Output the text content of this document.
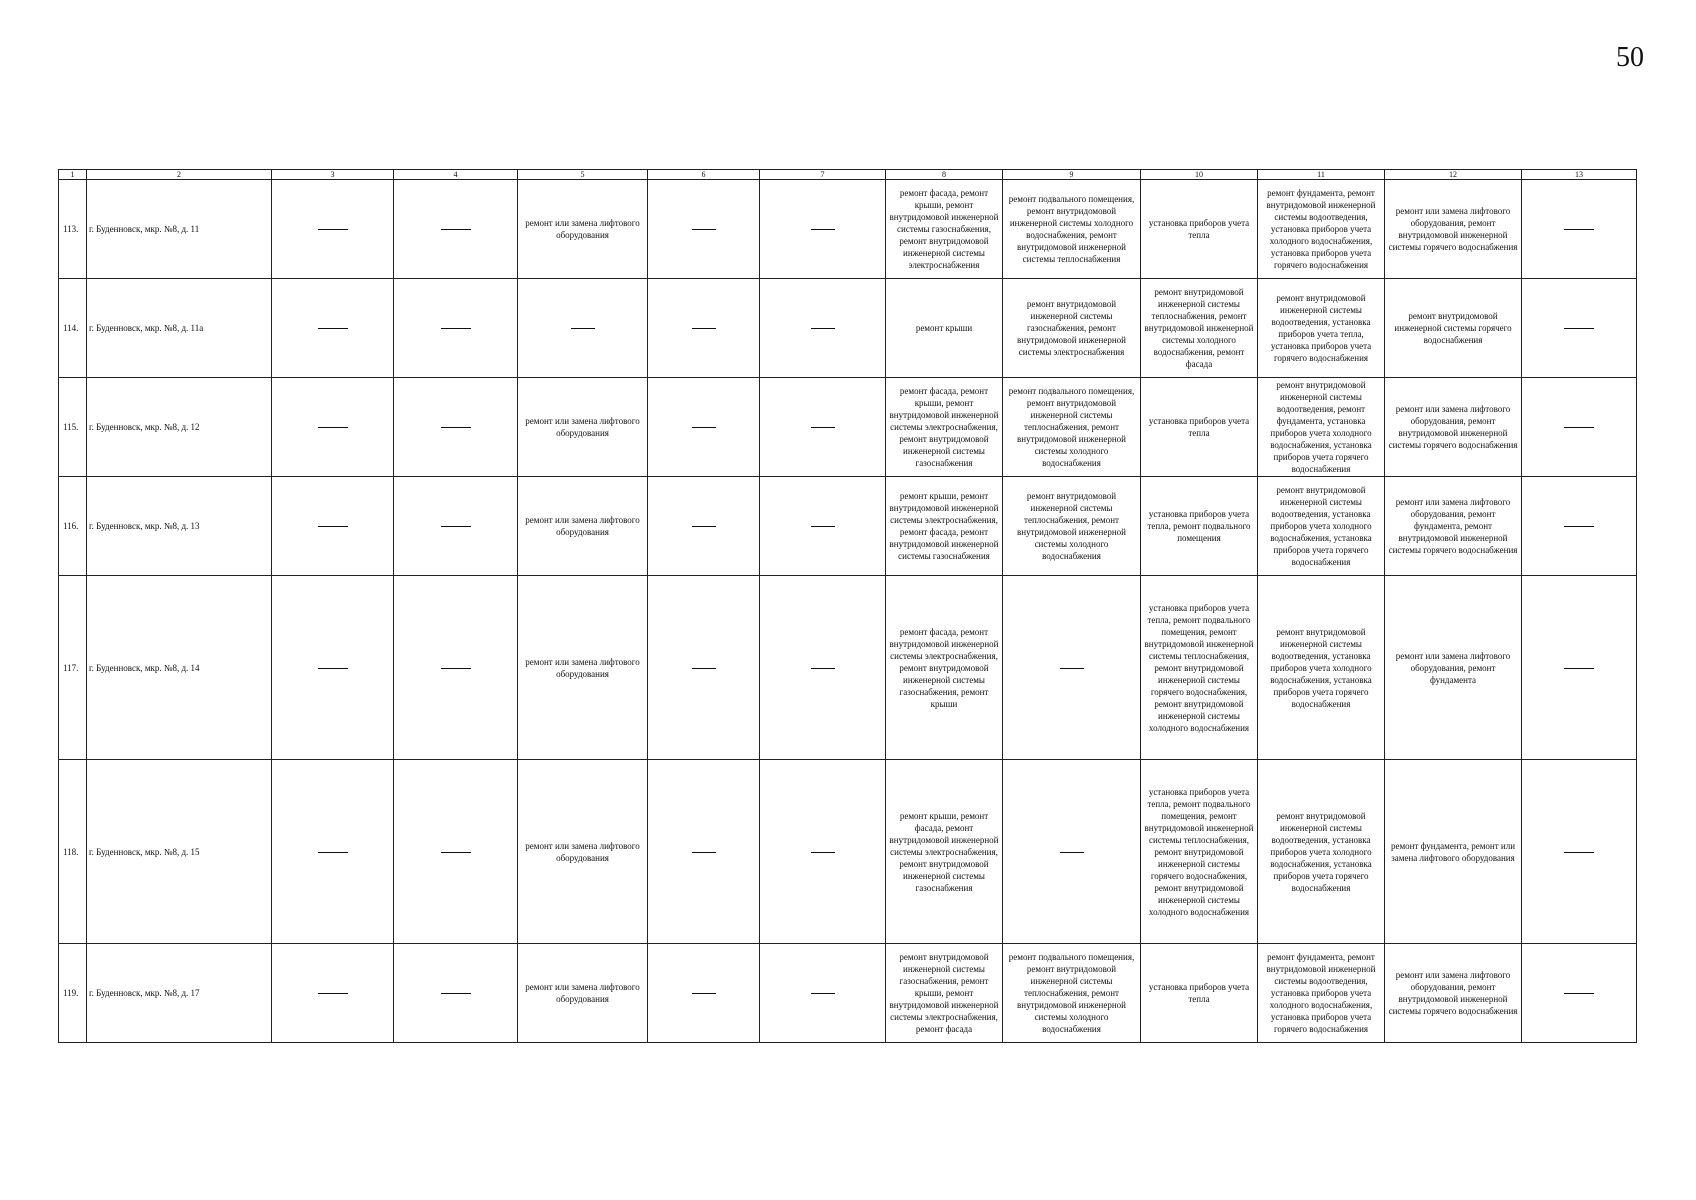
50
1	2	3	4	5	6	7	8	9	10	11	12	13
113.	г. Буденновск, мкр. №8, д. 11			ремонт или замена лифтового оборудования			ремонт фасада, ремонт крыши, ремонт внутридомовой инженерной системы газоснабжения, ремонт внутридомовой инженерной системы электроснабжения	ремонт подвального помещения, ремонт внутридомовой инженерной системы холодного водоснабжения, ремонт внутридомовой инженерной системы теплоснабжения	установка приборов учета тепла	ремонт фундамента, ремонт внутридомовой инженерной системы водоотведения, установка приборов учета холодного водоснабжения, установка приборов учета горячего водоснабжения	ремонт или замена лифтового оборудования, ремонт внутридомовой инженерной системы горячего водоснабжения	
114.	г. Буденновск, мкр. №8, д. 11а						ремонт крыши	ремонт внутридомовой инженерной системы газоснабжения, ремонт внутридомовой инженерной системы электроснабжения	ремонт внутридомовой инженерной системы теплоснабжения, ремонт внутридомовой инженерной системы холодного водоснабжения, ремонт фасада	ремонт внутридомовой инженерной системы водоотведения, установка приборов учета тепла, установка приборов учета горячего водоснабжения	ремонт внутридомовой инженерной системы горячего водоснабжения	
115.	г. Буденновск, мкр. №8, д. 12			ремонт или замена лифтового оборудования			ремонт фасада, ремонт крыши, ремонт внутридомовой инженерной системы электроснабжения, ремонт внутридомовой инженерной системы газоснабжения	ремонт подвального помещения, ремонт внутридомовой инженерной системы теплоснабжения, ремонт внутридомовой инженерной системы холодного водоснабжения	установка приборов учета тепла	ремонт внутридомовой инженерной системы водоотведения, ремонт фундамента, установка приборов учета холодного водоснабжения, установка приборов учета горячего водоснабжения	ремонт или замена лифтового оборудования, ремонт внутридомовой инженерной системы горячего водоснабжения	
116.	г. Буденновск, мкр. №8, д. 13			ремонт или замена лифтового оборудования			ремонт крыши, ремонт внутридомовой инженерной системы электроснабжения, ремонт фасада, ремонт внутридомовой инженерной системы газоснабжения	ремонт внутридомовой инженерной системы теплоснабжения, ремонт внутридомовой инженерной системы холодного водоснабжения	установка приборов учета тепла, ремонт подвального помещения	ремонт внутридомовой инженерной системы водоотведения, установка приборов учета холодного водоснабжения, установка приборов учета горячего водоснабжения	ремонт или замена лифтового оборудования, ремонт фундамента, ремонт внутридомовой инженерной системы горячего водоснабжения	
117.	г. Буденновск, мкр. №8, д. 14			ремонт или замена лифтового оборудования			ремонт фасада, ремонт внутридомовой инженерной системы электроснабжения, ремонт внутридомовой инженерной системы газоснабжения, ремонт крыши		установка приборов учета тепла, ремонт подвального помещения, ремонт внутридомовой инженерной системы теплоснабжения, ремонт внутридомовой инженерной системы горячего водоснабжения, ремонт внутридомовой инженерной системы холодного водоснабжения	ремонт внутридомовой инженерной системы водоотведения, установка приборов учета холодного водоснабжения, установка приборов учета горячего водоснабжения	ремонт или замена лифтового оборудования, ремонт фундамента	
118.	г. Буденновск, мкр. №8, д. 15			ремонт или замена лифтового оборудования			ремонт крыши, ремонт фасада, ремонт внутридомовой инженерной системы электроснабжения, ремонт внутридомовой инженерной системы газоснабжения		установка приборов учета тепла, ремонт подвального помещения, ремонт внутридомовой инженерной системы теплоснабжения, ремонт внутридомовой инженерной системы горячего водоснабжения, ремонт внутридомовой инженерной системы холодного водоснабжения	ремонт внутридомовой инженерной системы водоотведения, установка приборов учета холодного водоснабжения, установка приборов учета горячего водоснабжения	ремонт фундамента, ремонт или замена лифтового оборудования	
119.	г. Буденновск, мкр. №8, д. 17			ремонт или замена лифтового оборудования			ремонт внутридомовой инженерной системы газоснабжения, ремонт крыши, ремонт внутридомовой инженерной системы электроснабжения, ремонт фасада	ремонт подвального помещения, ремонт внутридомовой инженерной системы теплоснабжения, ремонт внутридомовой инженерной системы холодного водоснабжения	установка приборов учета тепла	ремонт фундамента, ремонт внутридомовой инженерной системы водоотведения, установка приборов учета холодного водоснабжения, установка приборов учета горячего водоснабжения	ремонт или замена лифтового оборудования, ремонт внутридомовой инженерной системы горячего водоснабжения	
